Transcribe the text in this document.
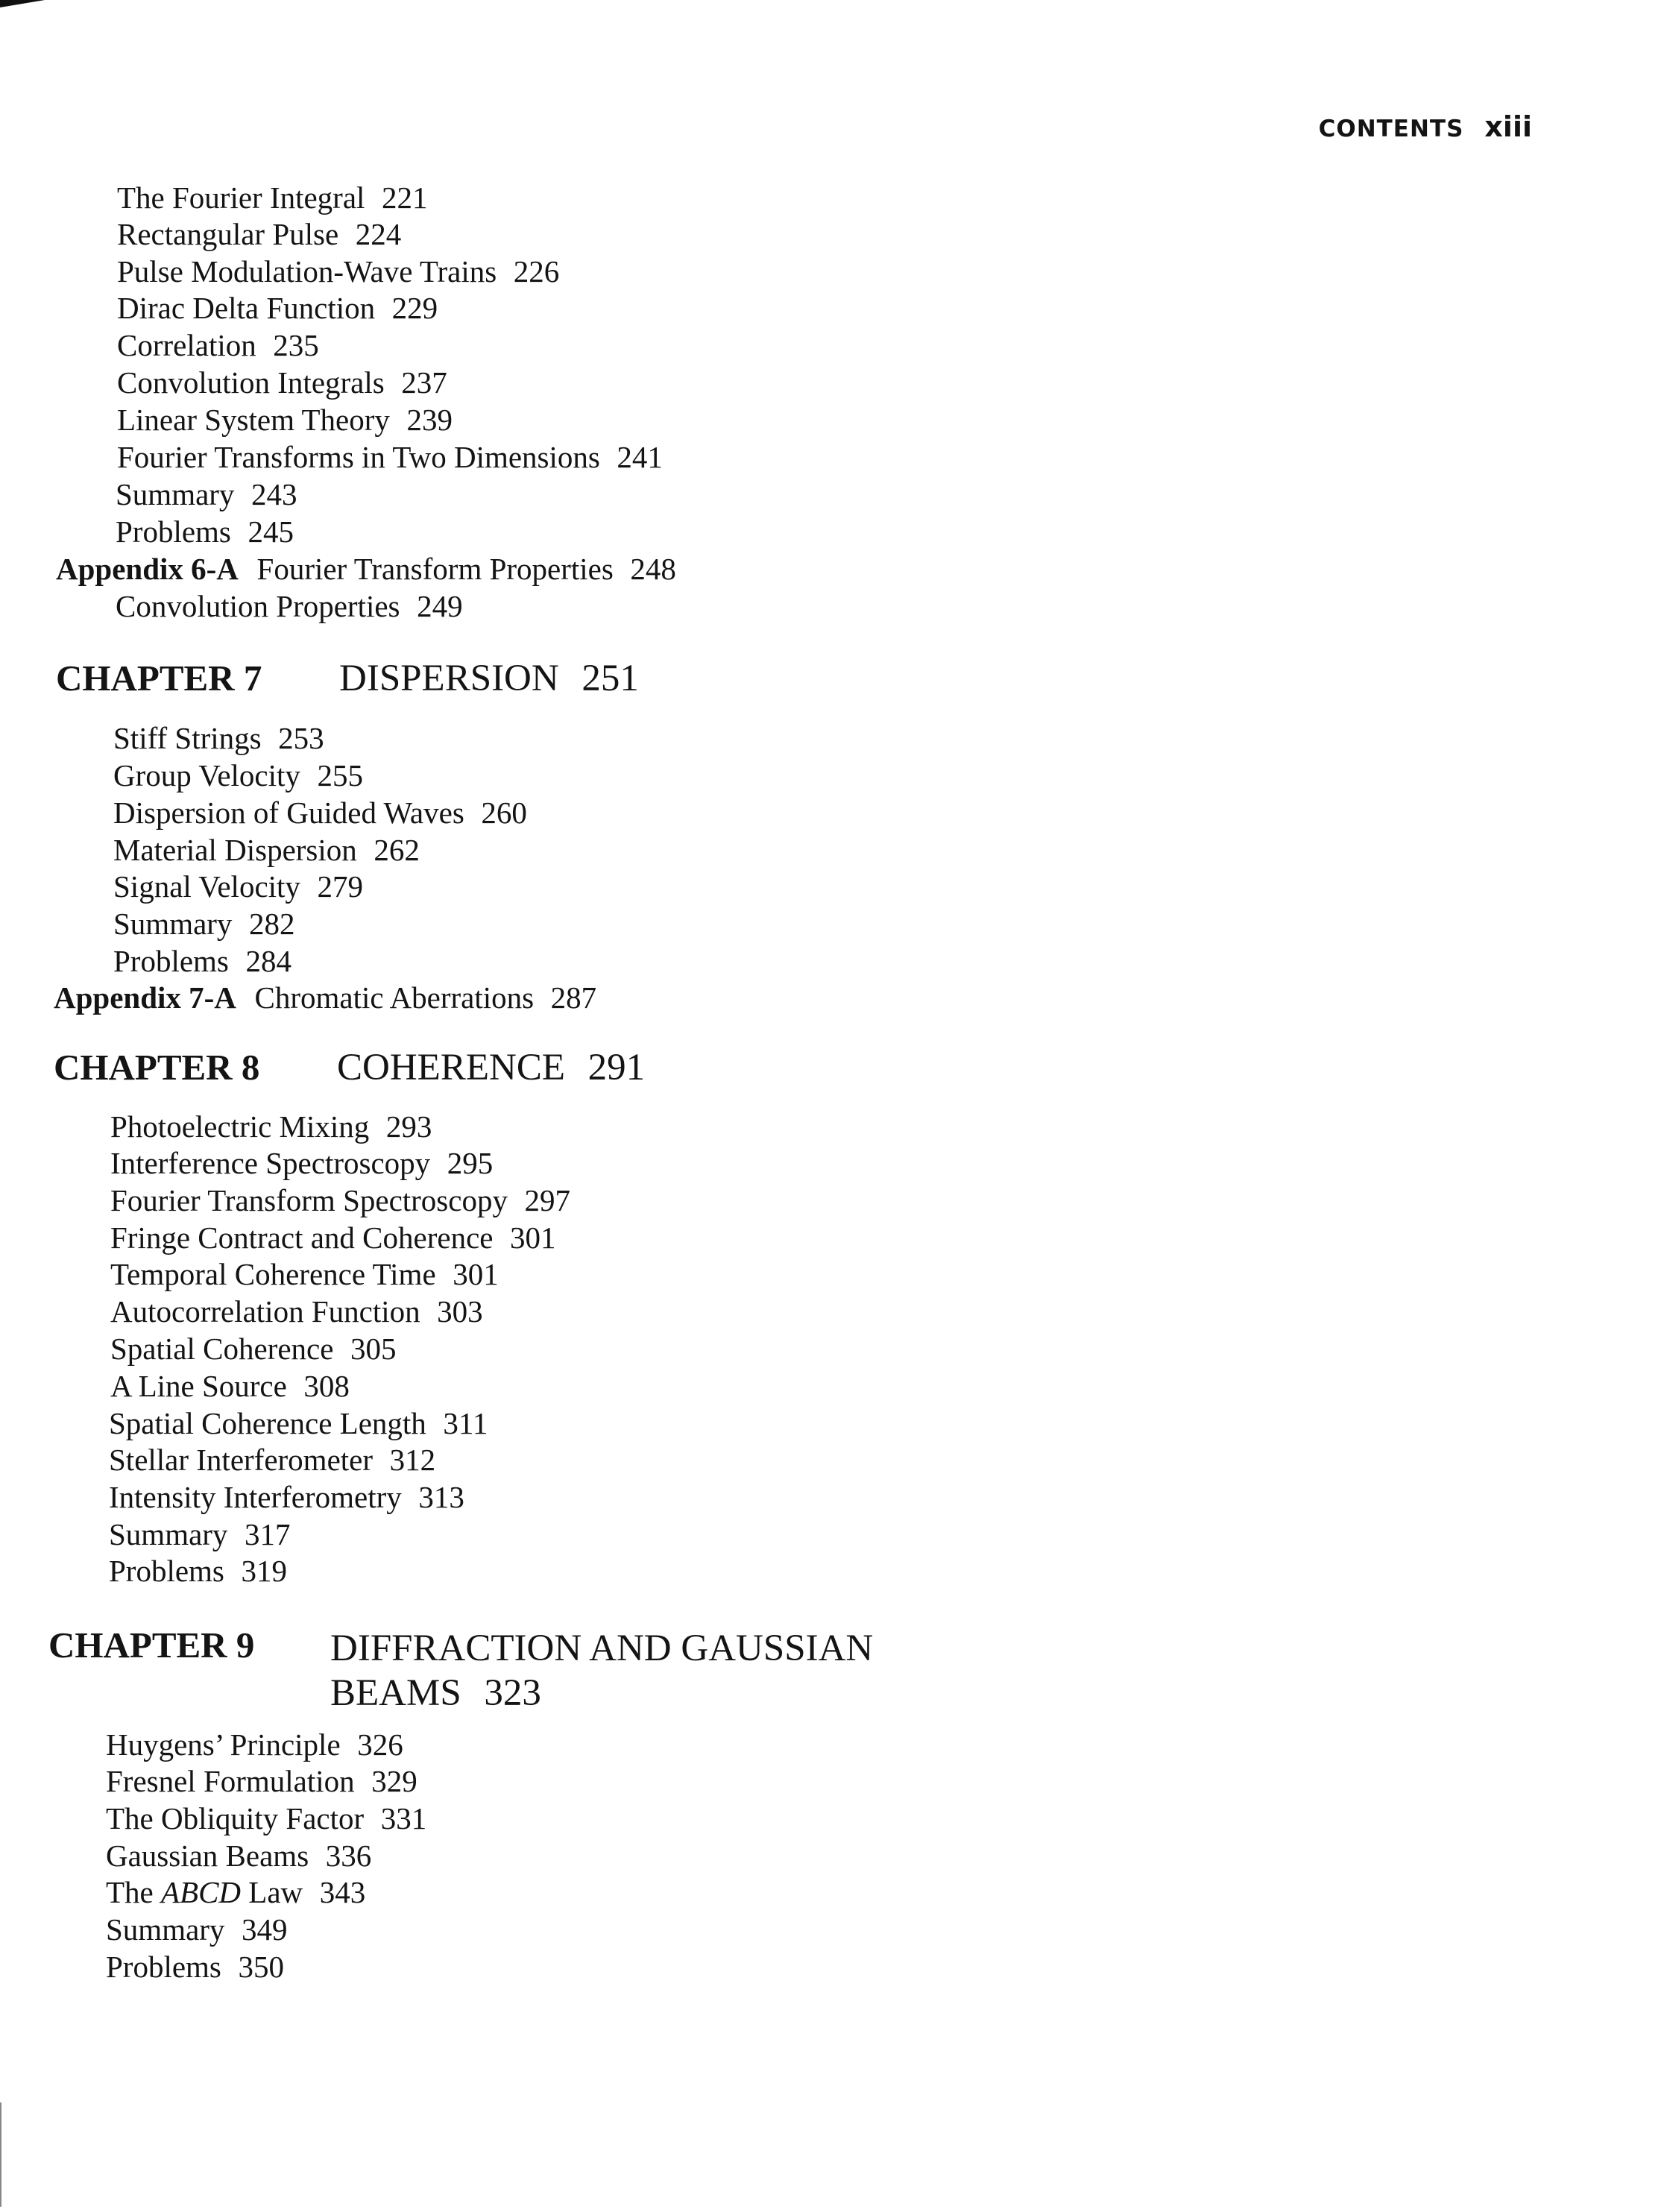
CONTENTS xiii
The Fourier Integral 221
Rectangular Pulse 224
Pulse Modulation-Wave Trains 226
Dirac Delta Function 229
Correlation 235
Convolution Integrals 237
Linear System Theory 239
Fourier Transforms in Two Dimensions 241
Summary 243
Problems 245
Appendix 6-A Fourier Transform Properties 248
Convolution Properties 249
CHAPTER 7 DISPERSION 251
Stiff Strings 253
Group Velocity 255
Dispersion of Guided Waves 260
Material Dispersion 262
Signal Velocity 279
Summary 282
Problems 284
Appendix 7-A Chromatic Aberrations 287
CHAPTER 8 COHERENCE 291
Photoelectric Mixing 293
Interference Spectroscopy 295
Fourier Transform Spectroscopy 297
Fringe Contract and Coherence 301
Temporal Coherence Time 301
Autocorrelation Function 303
Spatial Coherence 305
A Line Source 308
Spatial Coherence Length 311
Stellar Interferometer 312
Intensity Interferometry 313
Summary 317
Problems 319
CHAPTER 9 DIFFRACTION AND GAUSSIAN
BEAMS 323
Huygens’ Principle 326
Fresnel Formulation 329
The Obliquity Factor 331
Gaussian Beams 336
The ABCD Law 343
Summary 349
Problems 350
